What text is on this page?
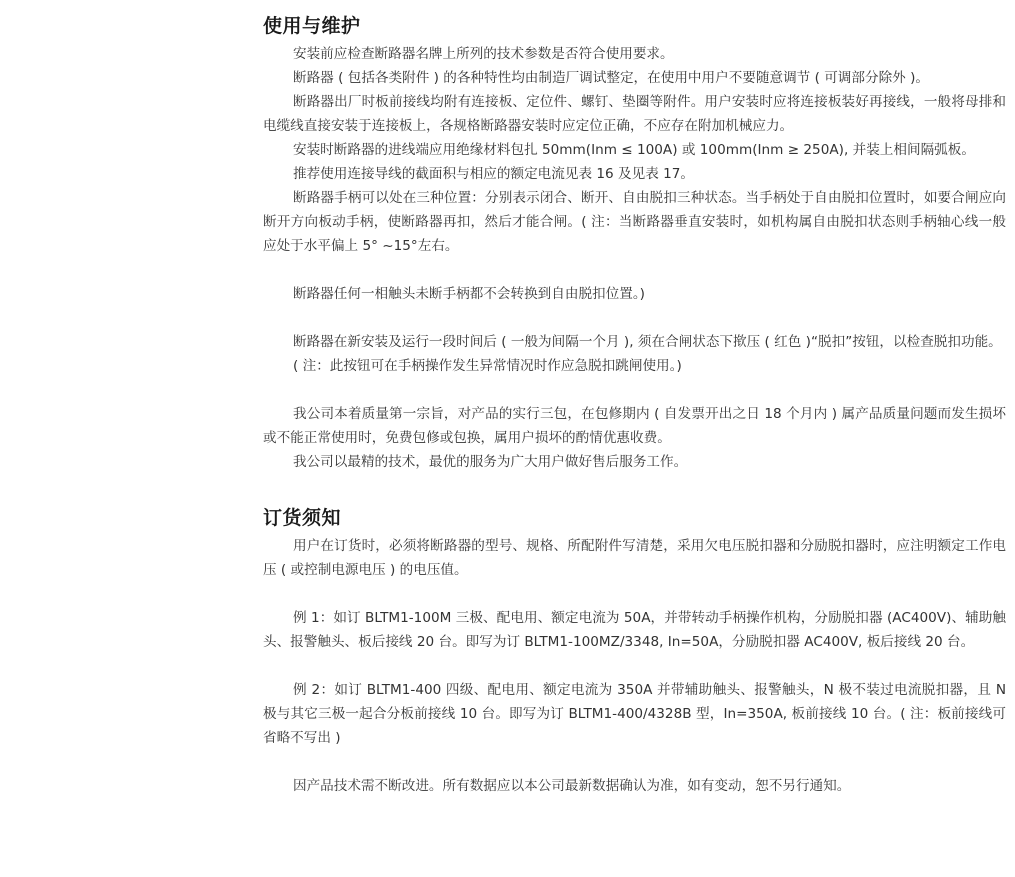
使用与维护

安装前应检查断路器名牌上所列的技术参数是否符合使用要求。

断路器 ( 包括各类附件 ) 的各种特性均由制造厂调试整定，在使用中用户不要随意调节 ( 可调部分除外 )。

断路器出厂时板前接线均附有连接板、定位件、螺钉、垫圈等附件。用户安装时应将连接板装好再接线，一般将母排和电缆线直接安装于连接板上，各规格断路器安装时应定位正确，不应存在附加机械应力。

安装时断路器的进线端应用绝缘材料包扎 50mm(Inm ≤ 100A) 或 100mm(Inm ≥ 250A), 并装上相间隔弧板。

推荐使用连接导线的截面积与相应的额定电流见表 16 及见表 17。

断路器手柄可以处在三种位置：分别表示闭合、断开、自由脱扣三种状态。当手柄处于自由脱扣位置时，如要合闸应向断开方向板动手柄，使断路器再扣，然后才能合闸。( 注：当断路器垂直安装时，如机构属自由脱扣状态则手柄轴心线一般应处于水平偏上 5° ~15°左右。

断路器任何一相触头未断手柄都不会转换到自由脱扣位置。)

断路器在新安装及运行一段时间后 ( 一般为间隔一个月 ), 须在合闸状态下揿压 ( 红色 )“脱扣”按钮，以检查脱扣功能。

( 注：此按钮可在手柄操作发生异常情况时作应急脱扣跳闸使用。)

我公司本着质量第一宗旨，对产品的实行三包，在包修期内 ( 自发票开出之日 18 个月内 ) 属产品质量问题而发生损坏或不能正常使用时，免费包修或包换，属用户损坏的酌情优惠收费。

我公司以最精的技术，最优的服务为广大用户做好售后服务工作。

订货须知

用户在订货时，必须将断路器的型号、规格、所配附件写清楚，采用欠电压脱扣器和分励脱扣器时，应注明额定工作电压 ( 或控制电源电压 ) 的电压值。

例 1：如订 BLTM1-100M 三极、配电用、额定电流为 50A，并带转动手柄操作机构，分励脱扣器 (AC400V)、辅助触头、报警触头、板后接线 20 台。即写为订 BLTM1-100MZ/3348, In=50A，分励脱扣器 AC400V, 板后接线 20 台。

例 2：如订 BLTM1-400 四级、配电用、额定电流为 350A 并带辅助触头、报警触头，N 极不装过电流脱扣器，且 N 极与其它三极一起合分板前接线 10 台。即写为订 BLTM1-400/4328B 型，In=350A, 板前接线 10 台。( 注：板前接线可省略不写出 )

因产品技术需不断改进。所有数据应以本公司最新数据确认为准，如有变动，恕不另行通知。
